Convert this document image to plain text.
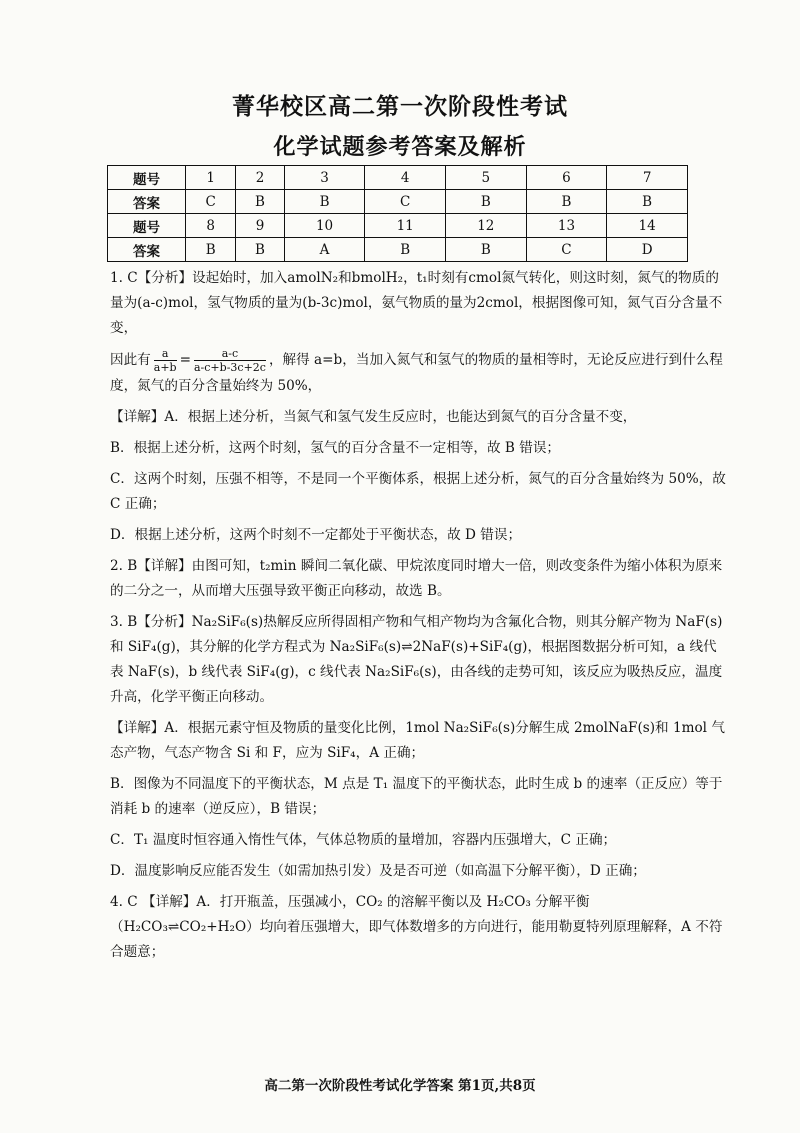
菁华校区高二第一次阶段性考试
化学试题参考答案及解析
题号	1	2	3	4	5	6	7
答案	C	B	B	C	B	B	B
题号	8	9	10	11	12	13	14
答案	B	B	A	B	B	C	D

1. C【分析】设起始时，加入amolN₂和bmolH₂，t₁时刻有cmol氮气转化，则这时刻，氮气的物质的量为(a-c)mol，氢气物质的量为(b-3c)mol，氨气物质的量为2cmol，根据图像可知，氮气百分含量不变，

因此有 $\frac{a}{a+b} = \frac{a-c}{a-c+b-3c+2c}$ ，解得 a=b，当加入氮气和氢气的物质的量相等时，无论反应进行到什么程度，氮气的百分含量始终为 50%，

【详解】A．根据上述分析，当氮气和氢气发生反应时，也能达到氮气的百分含量不变，

B．根据上述分析，这两个时刻，氢气的百分含量不一定相等，故 B 错误；

C．这两个时刻，压强不相等，不是同一个平衡体系，根据上述分析，氮气的百分含量始终为 50%，故 C 正确；

D．根据上述分析，这两个时刻不一定都处于平衡状态，故 D 错误；

2. B【详解】由图可知，t₂min 瞬间二氧化碳、甲烷浓度同时增大一倍，则改变条件为缩小体积为原来的二分之一，从而增大压强导致平衡正向移动，故选 B。

3. B【分析】Na₂SiF₆(s)热解反应所得固相产物和气相产物均为含氟化合物，则其分解产物为 NaF(s)和 SiF₄(g)，其分解的化学方程式为 Na₂SiF₆(s)⇌2NaF(s)+SiF₄(g)，根据图数据分析可知，a 线代表 NaF(s)，b 线代表 SiF₄(g)，c 线代表 Na₂SiF₆(s)，由各线的走势可知，该反应为吸热反应，温度升高，化学平衡正向移动。

【详解】A．根据元素守恒及物质的量变化比例，1mol Na₂SiF₆(s)分解生成 2molNaF(s)和 1mol 气态产物，气态产物含 Si 和 F，应为 SiF₄，A 正确；

B．图像为不同温度下的平衡状态，M 点是 T₁ 温度下的平衡状态，此时生成 b 的速率（正反应）等于消耗 b 的速率（逆反应），B 错误；

C．T₁ 温度时恒容通入惰性气体，气体总物质的量增加，容器内压强增大，C 正确；

D．温度影响反应能否发生（如需加热引发）及是否可逆（如高温下分解平衡），D 正确；

4. C 【详解】A．打开瓶盖，压强减小，CO₂ 的溶解平衡以及 H₂CO₃ 分解平衡（H₂CO₃⇌CO₂+H₂O）均向着压强增大，即气体数增多的方向进行，能用勒夏特列原理解释，A 不符合题意；

高二第一次阶段性考试化学答案 第1页,共8页
